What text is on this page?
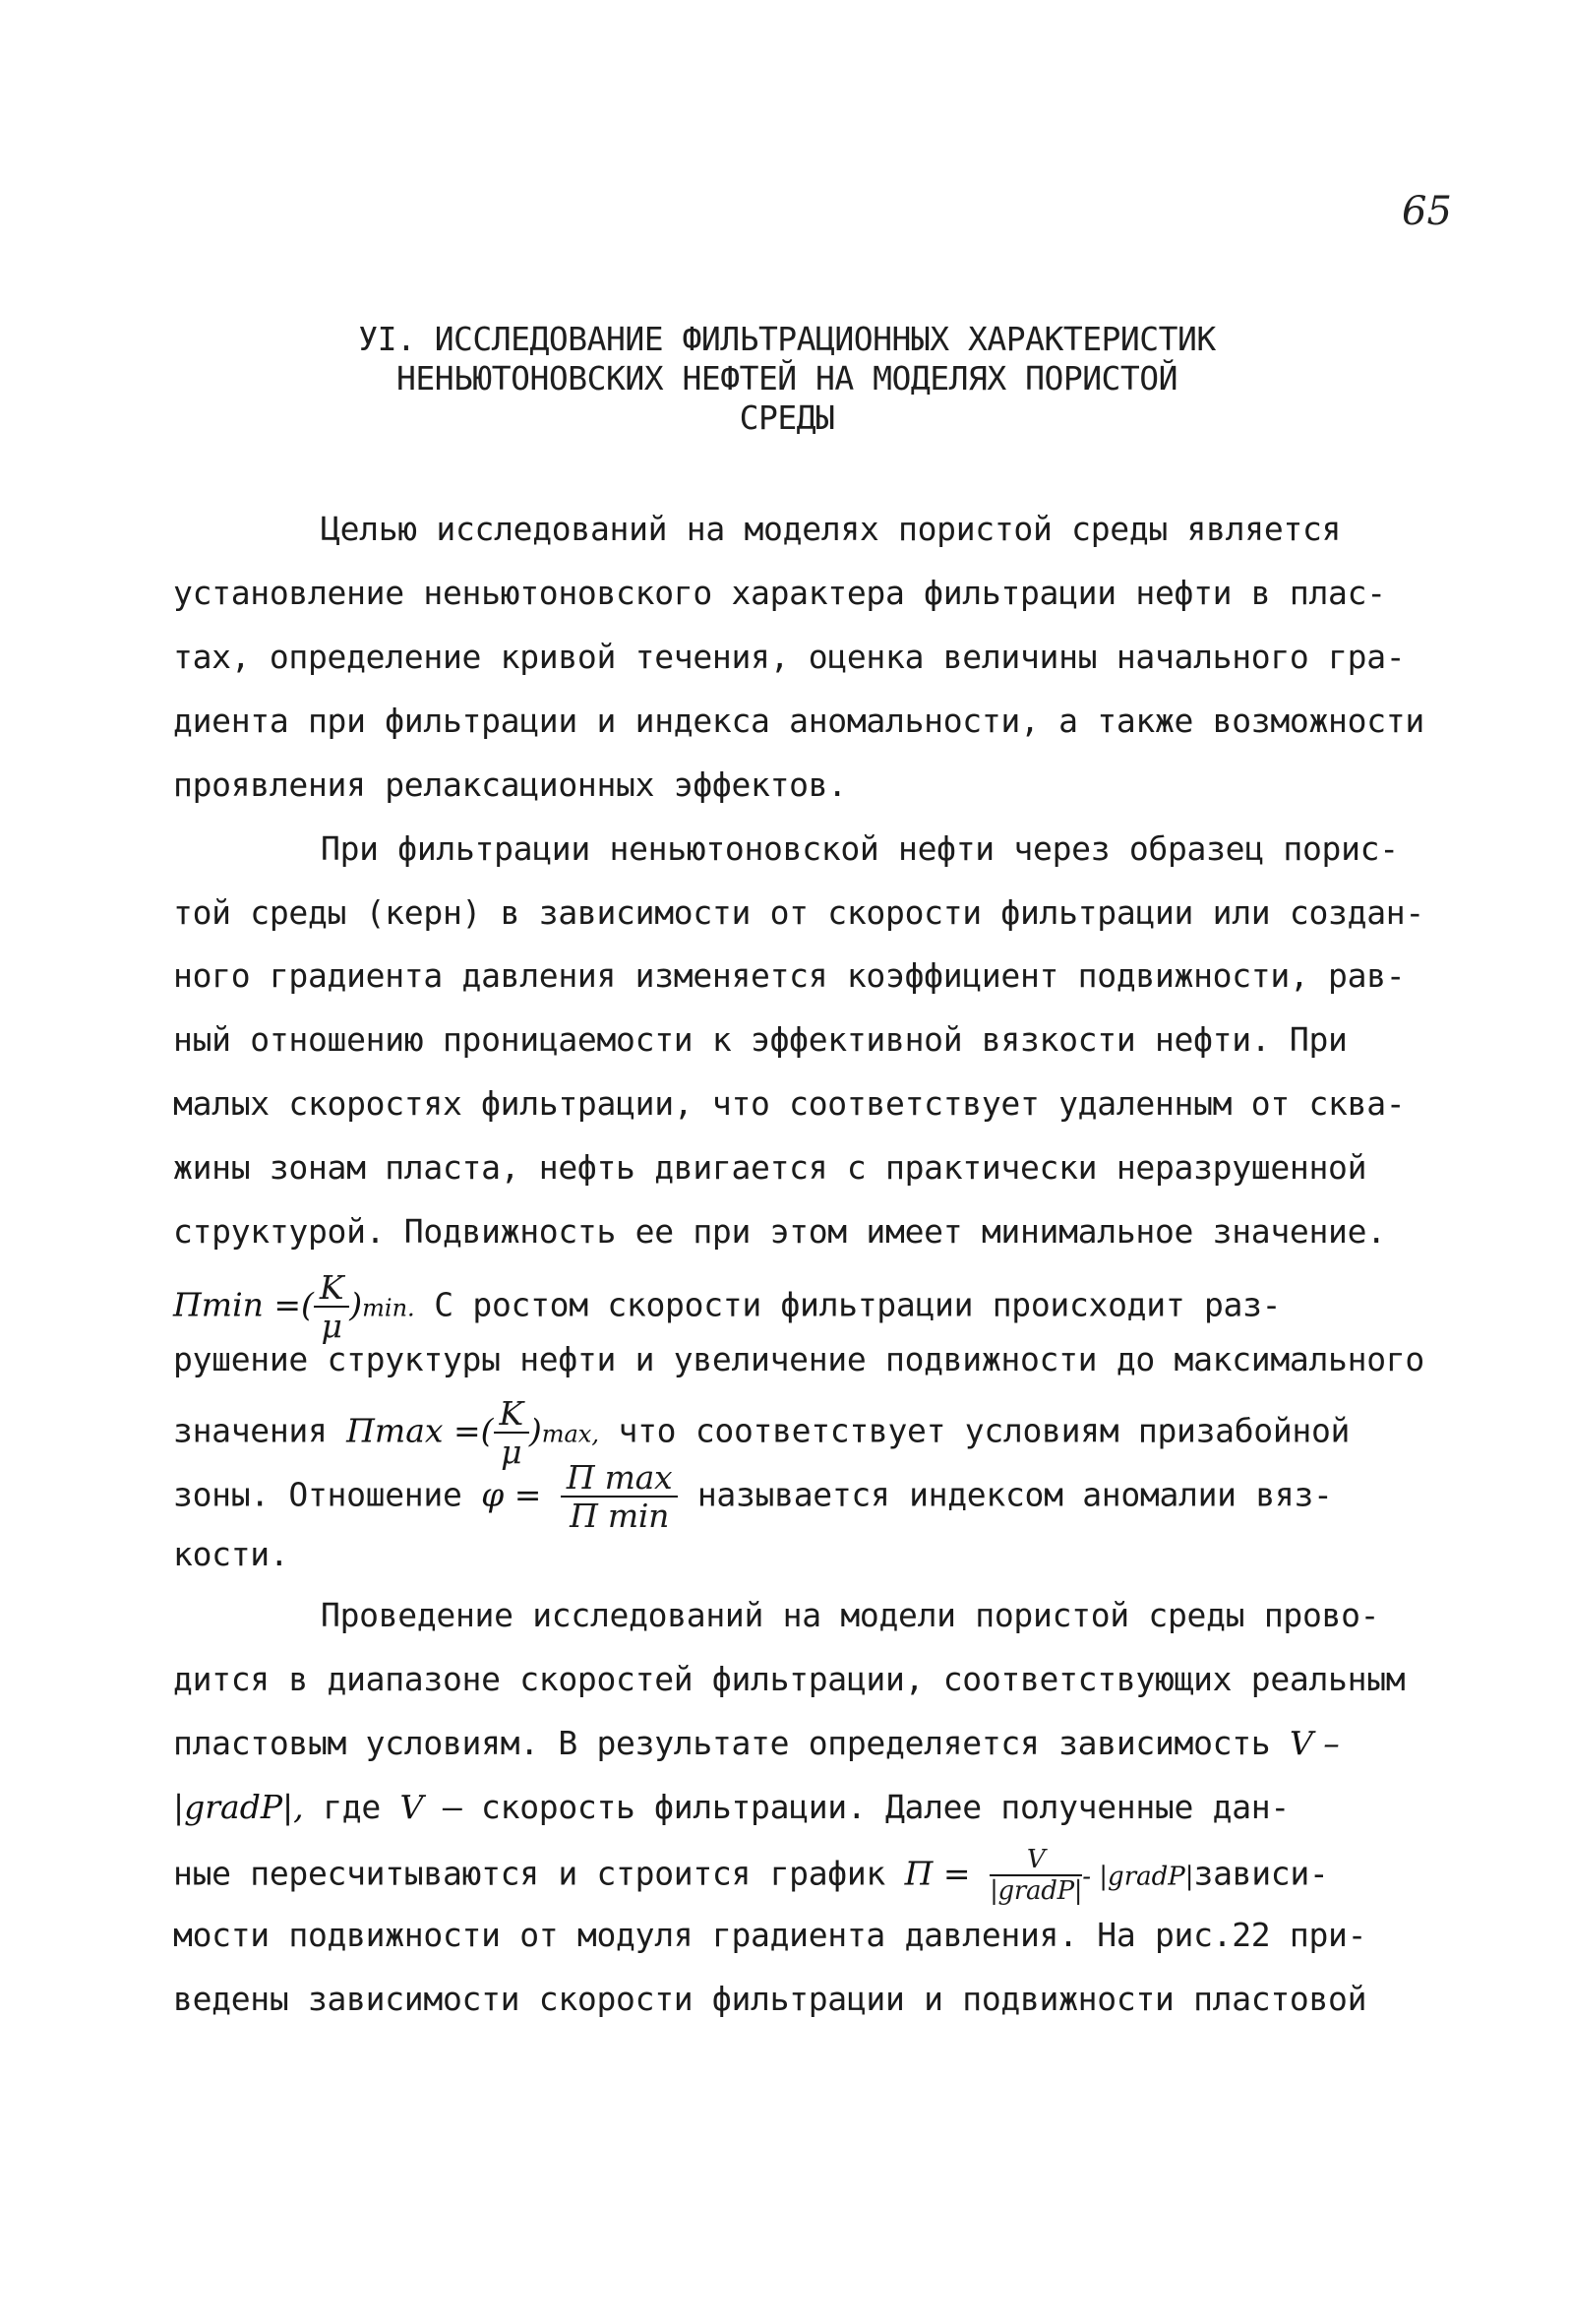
65
УI. ИССЛЕДОВАНИЕ ФИЛЬТРАЦИОННЫХ ХАРАКТЕРИСТИК
НЕНЬЮТОНОВСКИХ НЕФТЕЙ НА МОДЕЛЯХ ПОРИСТОЙ
СРЕДЫ
Целью исследований на моделях пористой среды является
установление неньютоновского характера фильтрации нефти в плас-
тах, определение кривой течения, оценка величины начального гра-
диента при фильтрации и индекса аномальности, а также возможности
проявления релаксационных эффектов.
При фильтрации неньютоновской нефти через образец порис-
той среды (керн) в зависимости от скорости фильтрации или создан-
ного градиента давления изменяется коэффициент подвижности, рав-
ный отношению проницаемости к эффективной вязкости нефти. При
малых скоростях фильтрации, что соответствует удаленным от сква-
жины зонам пласта, нефть двигается с практически неразрушенной
структурой. Подвижность ее при этом имеет минимальное значение.
Πmin =( $\frac{K}{\mu} )\min$. С ростом скорости фильтрации происходит раз-
рушение структуры нефти и увеличение подвижности до максимального
значения Πmax =( $\frac{K}{\mu} )\max$, что соответствует условиям призабойной
зоны. Отношение $\varphi = \frac{\text{Π max}}{\text{Π min}}$ называется индексом аномалии вяз-
кости.
Проведение исследований на модели пористой среды прово-
дится в диапазоне скоростей фильтрации, соответствующих реальным
пластовым условиям. В результате определяется зависимость V –
|gradP|, где V – скорость фильтрации. Далее полученные дан-
ные пересчитываются и строится график $\Pi = \frac{V}{\text{|gradP|}}$ - |gradP|зависи-
мости подвижности от модуля градиента давления. На рис.22 при-
ведены зависимости скорости фильтрации и подвижности пластовой
